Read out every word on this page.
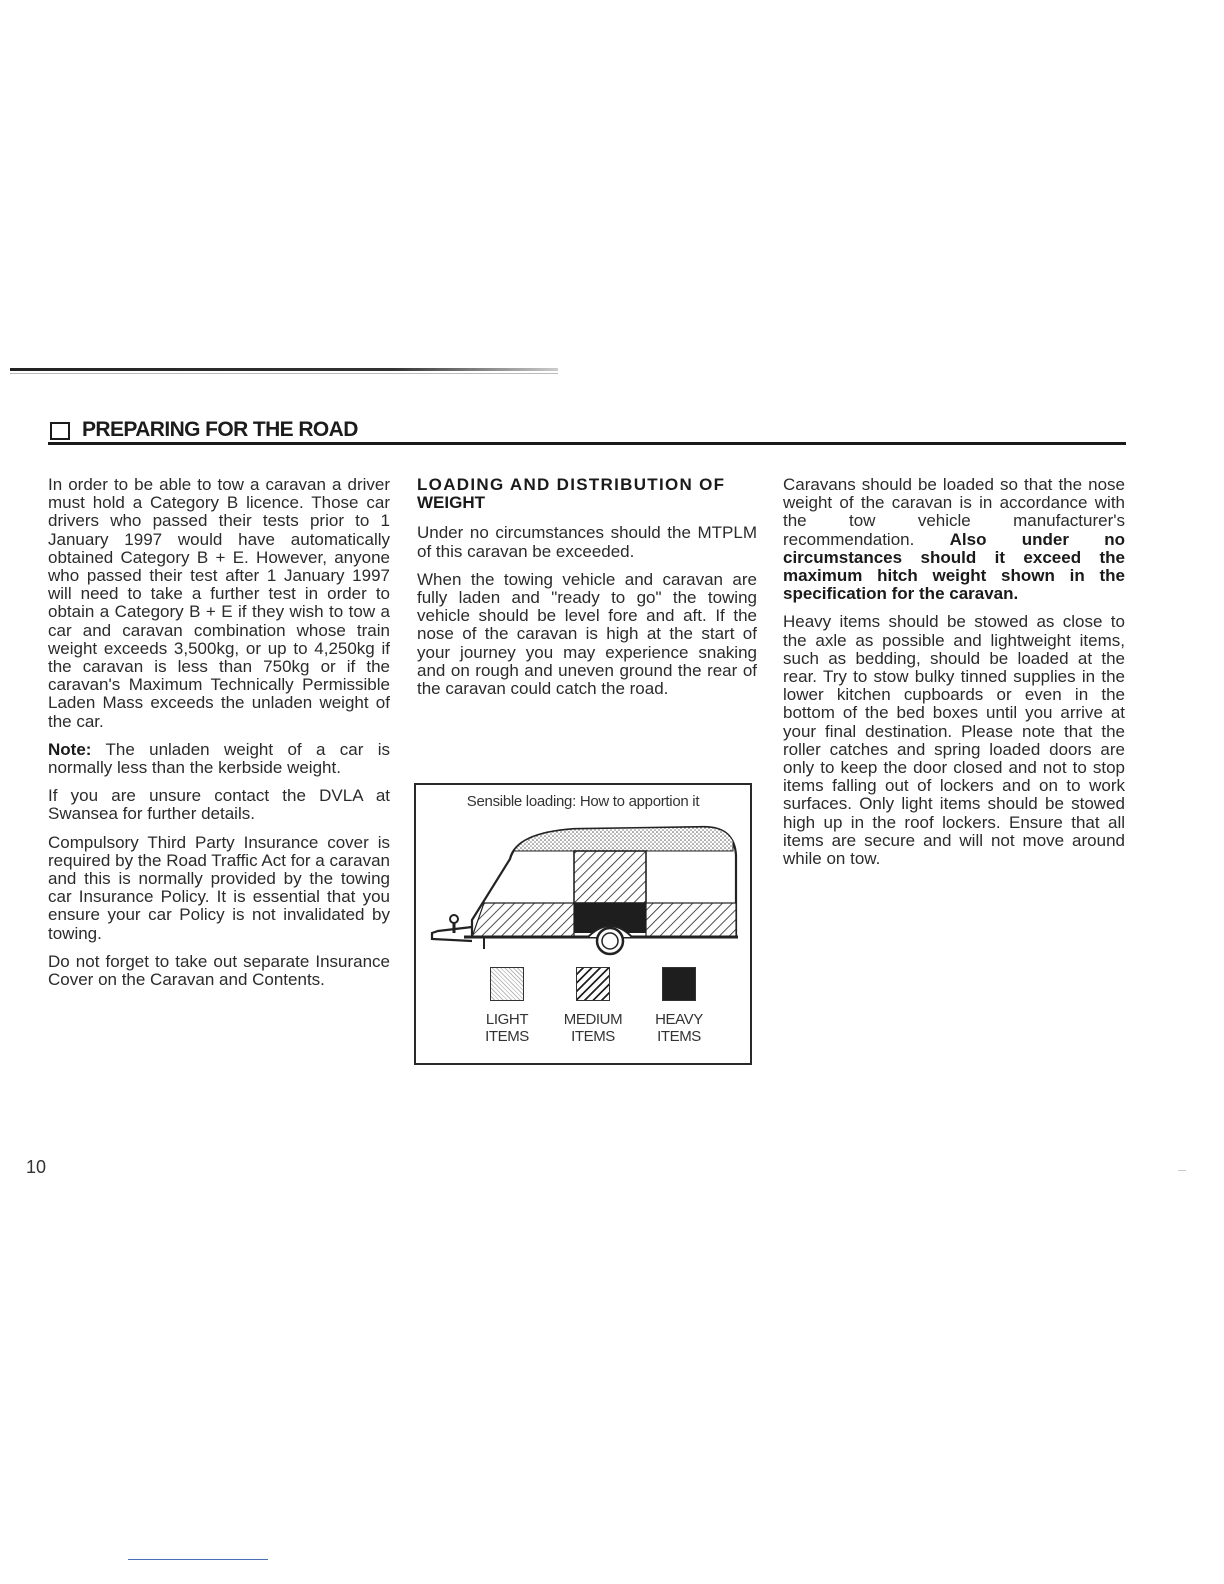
PREPARING FOR THE ROAD

In order to be able to tow a caravan a driver must hold a Category B licence. Those car drivers who passed their tests prior to 1 January 1997 would have automatically obtained Category B + E. However, anyone who passed their test after 1 January 1997 will need to take a further test in order to obtain a Category B + E if they wish to tow a car and caravan combination whose train weight exceeds 3,500kg, or up to 4,250kg if the caravan is less than 750kg or if the caravan's Maximum Technically Permissible Laden Mass exceeds the unladen weight of the car.

Note: The unladen weight of a car is normally less than the kerbside weight.

If you are unsure contact the DVLA at Swansea for further details.

Compulsory Third Party Insurance cover is required by the Road Traffic Act for a caravan and this is normally provided by the towing car Insurance Policy. It is essential that you ensure your car Policy is not invalidated by towing.

Do not forget to take out separate Insurance Cover on the Caravan and Contents.

LOADING AND DISTRIBUTION OF
WEIGHT

Under no circumstances should the MTPLM of this caravan be exceeded.

When the towing vehicle and caravan are fully laden and "ready to go" the towing vehicle should be level fore and aft. If the nose of the caravan is high at the start of your journey you may experience snaking and on rough and uneven ground the rear of the caravan could catch the road.

Sensible loading: How to apportion it
LIGHT
ITEMS
MEDIUM
ITEMS
HEAVY
ITEMS

Caravans should be loaded so that the nose weight of the caravan is in accordance with the tow vehicle manufacturer's recommendation. Also under no circumstances should it exceed the maximum hitch weight shown in the specification for the caravan.

Heavy items should be stowed as close to the axle as possible and lightweight items, such as bedding, should be loaded at the rear. Try to stow bulky tinned supplies in the lower kitchen cupboards or even in the bottom of the bed boxes until you arrive at your final destination. Please note that the roller catches and spring loaded doors are only to keep the door closed and not to stop items falling out of lockers and on to work surfaces. Only light items should be stowed high up in the roof lockers. Ensure that all items are secure and will not move around while on tow.

10
